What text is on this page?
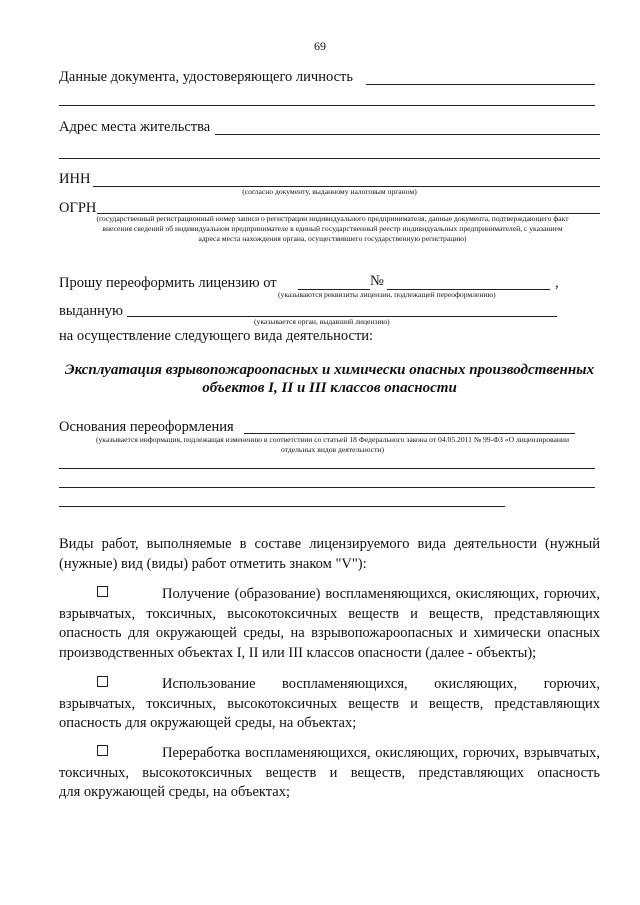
69
Данные документа, удостоверяющего личность
Адрес места жительства
ИНН
(согласно документу, выданному налоговым органом)
ОГРН
(государственный регистрационный номер записи о регистрации индивидуального предпринимателя, данные документа, подтверждающего факт
внесения сведений об индивидуальном предпринимателе в единый государственный реестр индивидуальных предпринимателей, с указанием
адреса места нахождения органа, осуществившего государственную регистрацию)
Прошу переоформить лицензию от	№	,
(указываются реквизиты лицензии, подлежащей переоформлению)
выданную
(указывается орган, выдавший лицензию)
на осуществление следующего вида деятельности:
Эксплуатация взрывопожароопасных и химически опасных производственных
объектов I, II и III классов опасности
Основания переоформления
(указывается информация, подлежащая изменению в соответствии со статьей 18 Федерального закона от 04.05.2011 № 99-ФЗ «О лицензировании
отдельных видов деятельности)
Виды работ, выполняемые в составе лицензируемого вида деятельности (нужный
(нужные) вид (виды) работ отметить знаком "V"):
Получение (образование) воспламеняющихся, окисляющих, горючих,
взрывчатых, токсичных, высокотоксичных веществ и веществ, представляющих
опасность для окружающей среды, на взрывопожароопасных и химически опасных
производственных объектах I, II или III классов опасности (далее - объекты);
Использование воспламеняющихся, окисляющих, горючих,
взрывчатых, токсичных, высокотоксичных веществ и веществ, представляющих
опасность для окружающей среды, на объектах;
Переработка воспламеняющихся, окисляющих, горючих, взрывчатых,
токсичных, высокотоксичных веществ и веществ, представляющих опасность
для окружающей среды, на объектах;
